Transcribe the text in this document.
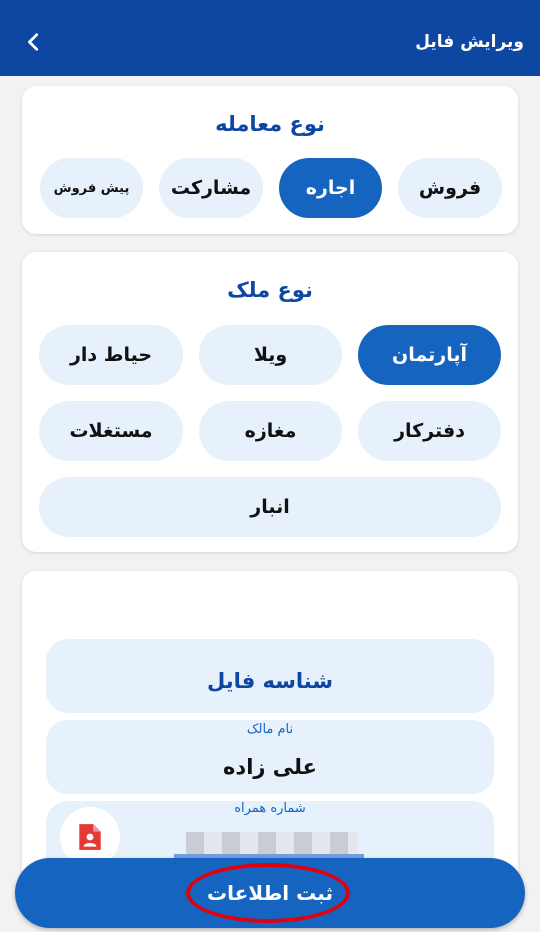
ویرایش فایل
نوع معامله
فروش
اجاره
مشارکت
پیش فروش
نوع ملک
آپارتمان
ویلا
حیاط دار
دفترکار
مغازه
مستغلات
انبار
شناسه فایل
نام مالک
علی زاده
شماره همراه
ثبت اطلاعات
